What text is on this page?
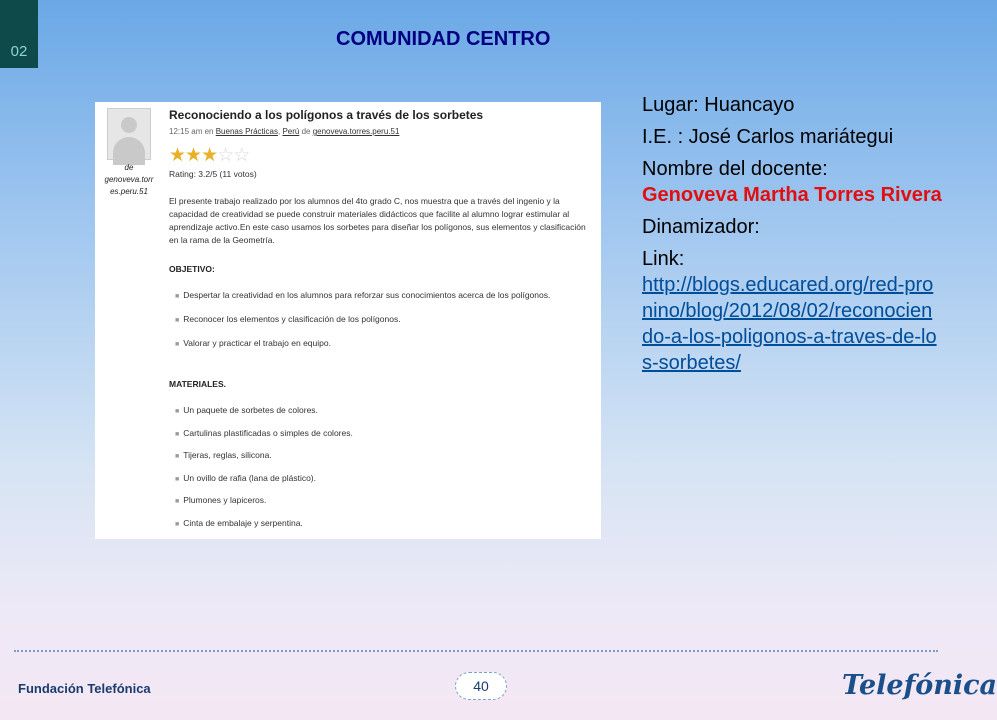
02
COMUNIDAD CENTRO
de
genoveva.torres.peru.51
Reconociendo a los polígonos a través de los sorbetes
12:15 am en Buenas Prácticas, Perú de genoveva.torres.peru.51
★★★☆☆
Rating: 3.2/5 (11 votos)
El presente trabajo realizado por los alumnos del 4to grado C, nos muestra que a través del ingenio y la capacidad de creatividad se puede construir materiales didácticos que facilite al alumno lograr estimular al aprendizaje activo.En este caso usamos los sorbetes para diseñar los polígonos, sus elementos y clasificación en la rama de la Geometría.
OBJETIVO:
■ Despertar la creatividad en los alumnos para reforzar sus conocimientos acerca de los polígonos.
■ Reconocer los elementos y clasificación de los polígonos.
■ Valorar y practicar el trabajo en equipo.
MATERIALES.
■ Un paquete de sorbetes de colores.
■ Cartulinas plastificadas o simples de colores.
■ Tijeras, reglas, silicona.
■ Un ovillo de rafia (lana de plástico).
■ Plumones y lapiceros.
■ Cinta de embalaje y serpentina.

Lugar: Huancayo

I.E. : José Carlos mariátegui

Nombre del docente:
Genoveva Martha Torres Rivera

Dinamizador:

Link:
http://blogs.educared.org/red-pronino/blog/2012/08/02/reconociendo-a-los-poligonos-a-traves-de-los-sorbetes/

Fundación Telefónica	40	Telefónica
